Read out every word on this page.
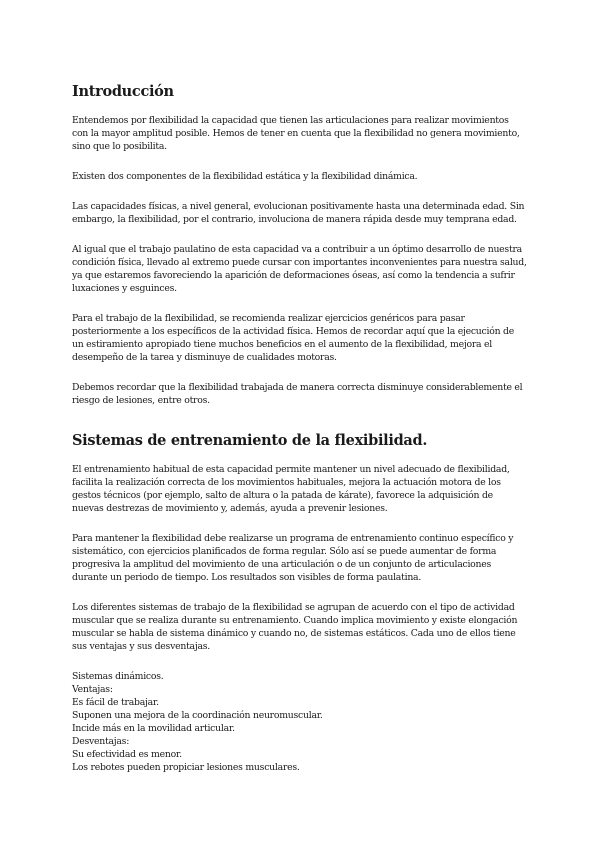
Introducción

Entendemos por flexibilidad la capacidad que tienen las articulaciones para realizar movimientos con la mayor amplitud posible. Hemos de tener en cuenta que la flexibilidad no genera movimiento, sino que lo posibilita.

Existen dos componentes de la flexibilidad estática y la flexibilidad dinámica.

Las capacidades físicas, a nivel general, evolucionan positivamente hasta una determinada edad. Sin embargo, la flexibilidad, por el contrario, involuciona de manera rápida desde muy temprana edad.

Al igual que el trabajo paulatino de esta capacidad va a contribuir a un óptimo desarrollo de nuestra condición física, llevado al extremo puede cursar con importantes inconvenientes para nuestra salud, ya que estaremos favoreciendo la aparición de deformaciones óseas, así como la tendencia a sufrir luxaciones y esguinces.

Para el trabajo de la flexibilidad, se recomienda realizar ejercicios genéricos para pasar posteriormente a los específicos de la actividad física. Hemos de recordar aquí que la ejecución de un estiramiento apropiado tiene muchos beneficios en el aumento de la flexibilidad, mejora el desempeño de la tarea y disminuye de cualidades motoras.

Debemos recordar que la flexibilidad trabajada de manera correcta disminuye considerablemente el riesgo de lesiones, entre otros.

Sistemas de entrenamiento de la flexibilidad.

El entrenamiento habitual de esta capacidad permite mantener un nivel adecuado de flexibilidad, facilita la realización correcta de los movimientos habituales, mejora la actuación motora de los gestos técnicos (por ejemplo, salto de altura o la patada de kárate), favorece la adquisición de nuevas destrezas de movimiento y, además, ayuda a prevenir lesiones.

Para mantener la flexibilidad debe realizarse un programa de entrenamiento continuo específico y sistemático, con ejercicios planificados de forma regular. Sólo así se puede aumentar de forma progresiva la amplitud del movimiento de una articulación o de un conjunto de articulaciones durante un periodo de tiempo. Los resultados son visibles de forma paulatina.

Los diferentes sistemas de trabajo de la flexibilidad se agrupan de acuerdo con el tipo de actividad muscular que se realiza durante su entrenamiento. Cuando implica movimiento y existe elongación muscular se habla de sistema dinámico y cuando no, de sistemas estáticos. Cada uno de ellos tiene sus ventajas y sus desventajas.

Sistemas dinámicos.
Ventajas:
Es fácil de trabajar.
Suponen una mejora de la coordinación neuromuscular.
Incide más en la movilidad articular.
Desventajas:
Su efectividad es menor.
Los rebotes pueden propiciar lesiones musculares.
